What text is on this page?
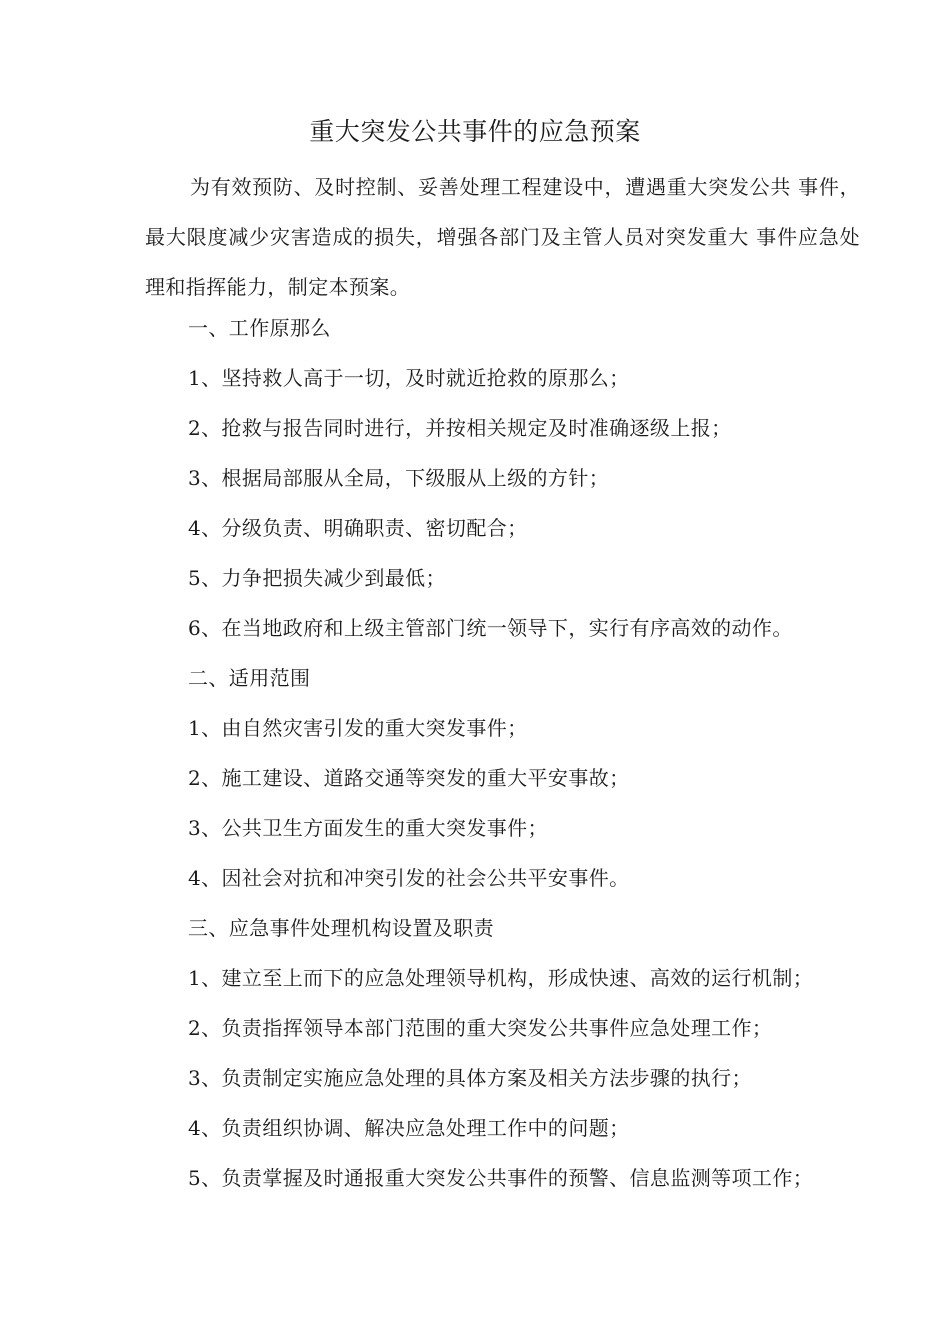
重大突发公共事件的应急预案
为有效预防、及时控制、妥善处理工程建设中，遭遇重大突发公共 事件，最大限度减少灾害造成的损失，增强各部门及主管人员对突发重大 事件应急处理和指挥能力，制定本预案。
一、工作原那么
1、坚持救人高于一切，及时就近抢救的原那么；
2、抢救与报告同时进行，并按相关规定及时准确逐级上报；
3、根据局部服从全局，下级服从上级的方针；
4、分级负责、明确职责、密切配合；
5、力争把损失减少到最低；
6、在当地政府和上级主管部门统一领导下，实行有序高效的动作。
二、适用范围
1、由自然灾害引发的重大突发事件；
2、施工建设、道路交通等突发的重大平安事故；
3、公共卫生方面发生的重大突发事件；
4、因社会对抗和冲突引发的社会公共平安事件。
三、应急事件处理机构设置及职责
1、建立至上而下的应急处理领导机构，形成快速、高效的运行机制；
2、负责指挥领导本部门范围的重大突发公共事件应急处理工作；
3、负责制定实施应急处理的具体方案及相关方法步骤的执行；
4、负责组织协调、解决应急处理工作中的问题；
5、负责掌握及时通报重大突发公共事件的预警、信息监测等项工作；
